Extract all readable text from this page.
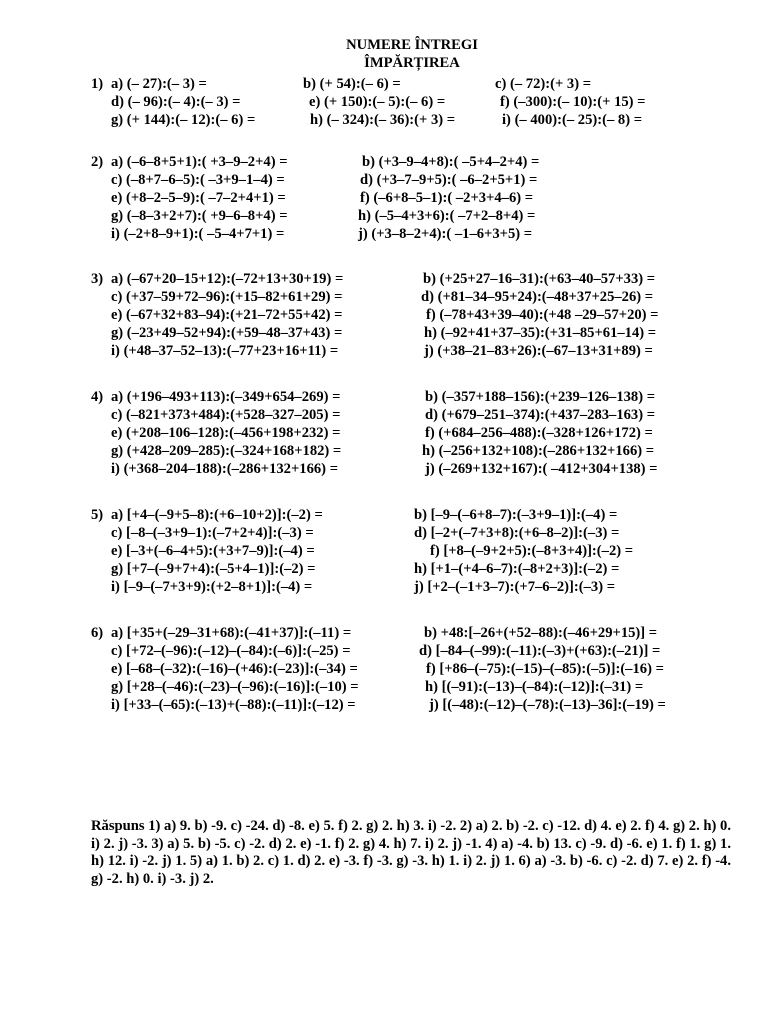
NUMERE ÎNTREGI
ÎMPĂRȚIREA
1) a) (– 27):(– 3) =	b) (+ 54):(– 6) =	c) (– 72):(+ 3) =
d) (– 96):(– 4):(– 3) =	e) (+ 150):(– 5):(– 6) =	f) (–300):(– 10):(+ 15) =
g) (+ 144):(– 12):(– 6) =	h) (– 324):(– 36):(+ 3) =	i) (– 400):(– 25):(– 8) =
2) a) (–6–8+5+1):( +3–9–2+4) =	b) (+3–9–4+8):( –5+4–2+4) =
c) (–8+7–6–5):( –3+9–1–4) =	d) (+3–7–9+5):( –6–2+5+1) =
e) (+8–2–5–9):( –7–2+4+1) =	f) (–6+8–5–1):( –2+3+4–6) =
g) (–8–3+2+7):( +9–6–8+4) =	h) (–5–4+3+6):( –7+2–8+4) =
i) (–2+8–9+1):( –5–4+7+1) =	j) (+3–8–2+4):( –1–6+3+5) =
3) a) (–67+20–15+12):(–72+13+30+19) =	b) (+25+27–16–31):(+63–40–57+33) =
c) (+37–59+72–96):(+15–82+61+29) =	d) (+81–34–95+24):(–48+37+25–26) =
e) (–67+32+83–94):(+21–72+55+42) =	f) (–78+43+39–40):(+48 –29–57+20) =
g) (–23+49–52+94):(+59–48–37+43) =	h) (–92+41+37–35):(+31–85+61–14) =
i) (+48–37–52–13):(–77+23+16+11) =	j) (+38–21–83+26):(–67–13+31+89) =
4) a) (+196–493+113):(–349+654–269) =	b) (–357+188–156):(+239–126–138) =
c) (–821+373+484):(+528–327–205) =	d) (+679–251–374):(+437–283–163) =
e) (+208–106–128):(–456+198+232) =	f) (+684–256–488):(–328+126+172) =
g) (+428–209–285):(–324+168+182) =	h) (–256+132+108):(–286+132+166) =
i) (+368–204–188):(–286+132+166) =	j) (–269+132+167):( –412+304+138) =
5) a) [+4–(–9+5–8):(+6–10+2)]:(–2) =	b) [–9–(–6+8–7):(–3+9–1)]:(–4) =
c) [–8–(–3+9–1):(–7+2+4)]:(–3) =	d) [–2+(–7+3+8):(+6–8–2)]:(–3) =
e) [–3+(–6–4+5):(+3+7–9)]:(–4) =	f) [+8–(–9+2+5):(–8+3+4)]:(–2) =
g) [+7–(–9+7+4):(–5+4–1)]:(–2) =	h) [+1–(+4–6–7):(–8+2+3)]:(–2) =
i) [–9–(–7+3+9):(+2–8+1)]:(–4) =	j) [+2–(–1+3–7):(+7–6–2)]:(–3) =
6) a) [+35+(–29–31+68):(–41+37)]:(–11) =	b) +48:[–26+(+52–88):(–46+29+15)] =
c) [+72–(–96):(–12)–(–84):(–6)]:(–25) =	d) [–84–(–99):(–11):(–3)+(+63):(–21)] =
e) [–68–(–32):(–16)–(+46):(–23)]:(–34) =	f) [+86–(–75):(–15)–(–85):(–5)]:(–16) =
g) [+28–(–46):(–23)–(–96):(–16)]:(–10) =	h) [(–91):(–13)–(–84):(–12)]:(–31) =
i) [+33–(–65):(–13)+(–88):(–11)]:(–12) =	j) [(–48):(–12)–(–78):(–13)–36]:(–19) =
Răspuns 1) a) 9. b) -9. c) -24. d) -8. e) 5. f) 2. g) 2. h) 3. i) -2. 2) a) 2. b) -2. c) -12. d) 4. e) 2. f) 4. g) 2. h) 0. i) 2. j) -3. 3) a) 5. b) -5. c) -2. d) 2. e) -1. f) 2. g) 4. h) 7. i) 2. j) -1. 4) a) -4. b) 13. c) -9. d) -6. e) 1. f) 1. g) 1. h) 12. i) -2. j) 1. 5) a) 1. b) 2. c) 1. d) 2. e) -3. f) -3. g) -3. h) 1. i) 2. j) 1. 6) a) -3. b) -6. c) -2. d) 7. e) 2. f) -4. g) -2. h) 0. i) -3. j) 2.
